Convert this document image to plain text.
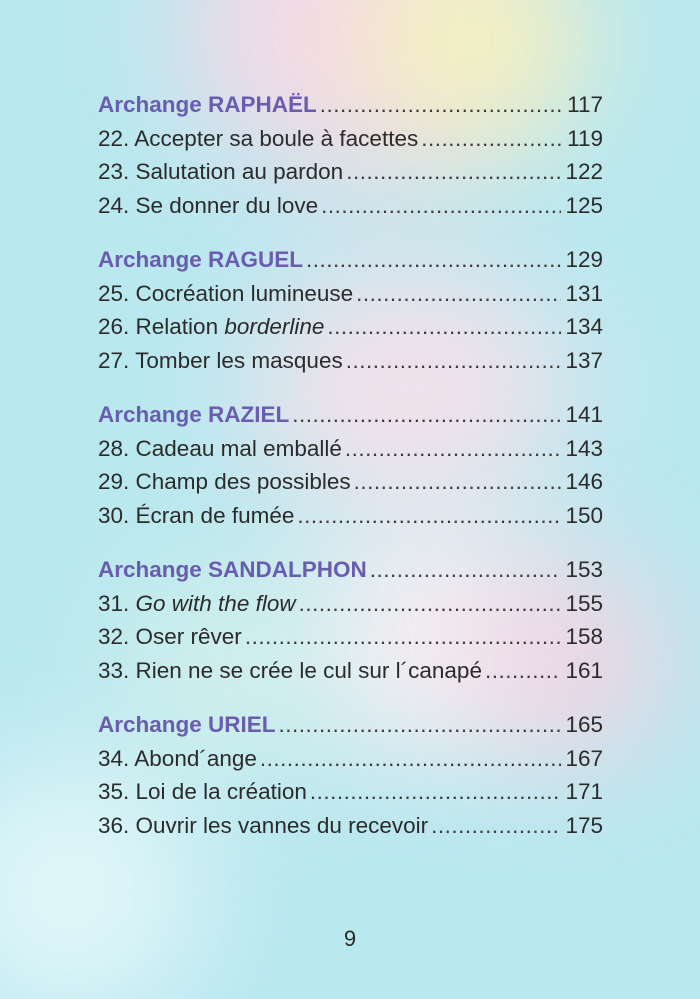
Archange RAPHAËL .....	117
22. Accepter sa boule à facettes .....	119
23. Salutation au pardon .....	122
24. Se donner du love .....	125
Archange RAGUEL .....	129
25. Cocréation lumineuse .....	131
26. Relation borderline .....	134
27. Tomber les masques .....	137
Archange RAZIEL .....	141
28. Cadeau mal emballé .....	143
29. Champ des possibles .....	146
30. Écran de fumée .....	150
Archange SANDALPHON .....	153
31. Go with the flow .....	155
32. Oser rêver .....	158
33. Rien ne se crée le cul sur l´canapé .....	161
Archange URIEL .....	165
34. Abond´ange .....	167
35. Loi de la création .....	171
36. Ouvrir les vannes du recevoir .....	175
9
